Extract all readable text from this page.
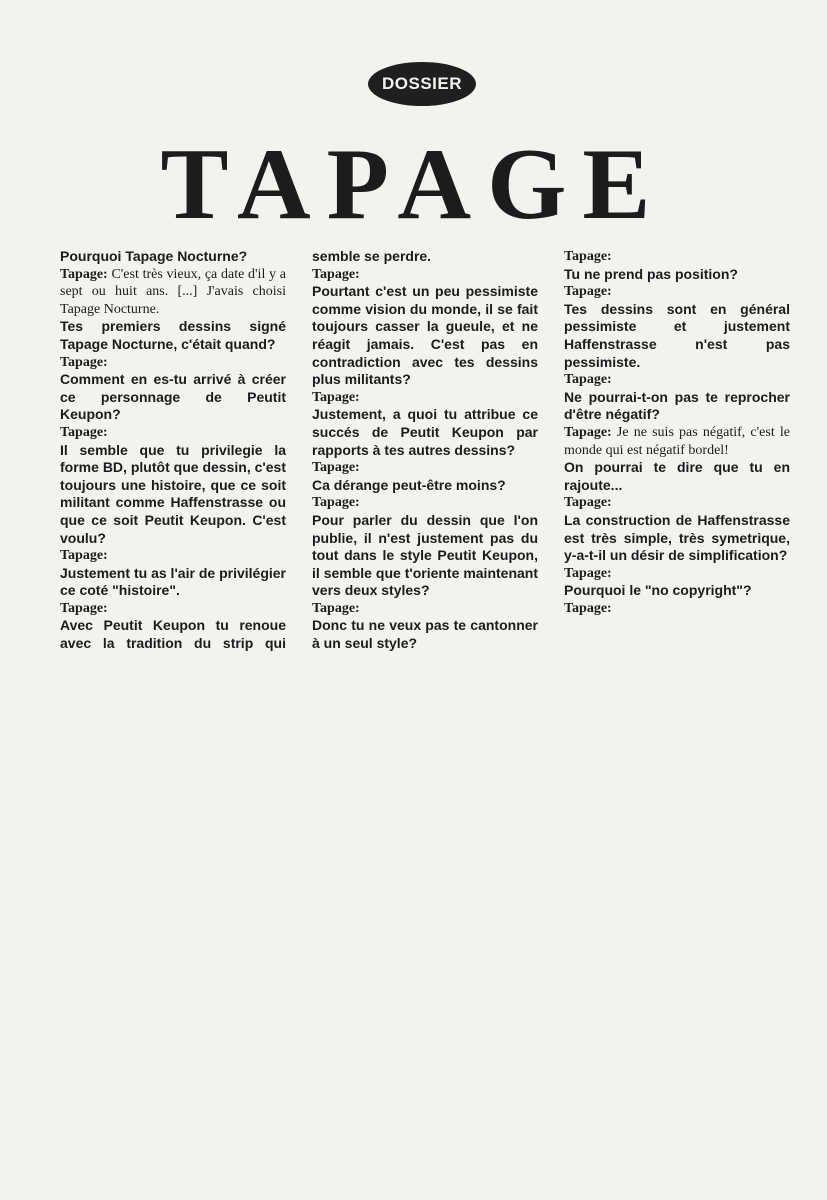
DOSSIER
TAPAGE

Pourquoi Tapage Nocturne?

Tapage: C'est très vieux, ça date d'il y a sept ou huit ans. [...] J'avais choisi Tapage Nocturne.

Tes premiers dessins signé Tapage Nocturne, c'était quand?

Tapage:

Comment en es-tu arrivé à créer ce personnage de Peutit Keupon?

Tapage:

Il semble que tu privilegie la forme BD, plutôt que dessin, c'est toujours une histoire, que ce soit militant comme Haffenstrasse ou que ce soit Peutit Keupon. C'est voulu?

Tapage:

Justement tu as l'air de privilégier ce coté "histoire".

Tapage:

Avec Peutit Keupon tu renoue avec la tradition du strip qui semble se perdre.

Tapage:

Pourtant c'est un peu pessimiste comme vision du monde, il se fait toujours casser la gueule, et ne réagit jamais. C'est pas en contradiction avec tes dessins plus militants?

Tapage:

Justement, a quoi tu attribue ce succés de Peutit Keupon par rapports à tes autres dessins?

Tapage:

Ca dérange peut-être moins?

Tapage:

Pour parler du dessin que l'on publie, il n'est justement pas du tout dans le style Peutit Keupon, il semble que t'oriente maintenant vers deux styles?

Tapage:

Donc tu ne veux pas te cantonner à un seul style?

Tapage:

Tu ne prend pas position?

Tapage:

Tes dessins sont en général pessimiste et justement Haffenstrasse n'est pas pessimiste.

Tapage:

Ne pourrai-t-on pas te reprocher d'être négatif?

Tapage: Je ne suis pas négatif, c'est le monde qui est négatif bordel!

On pourrai te dire que tu en rajoute...

Tapage:

La construction de Haffenstrasse est très simple, très symetrique, y-a-t-il un désir de simplification?

Tapage:

Pourquoi le "no copyright"?

Tapage:
